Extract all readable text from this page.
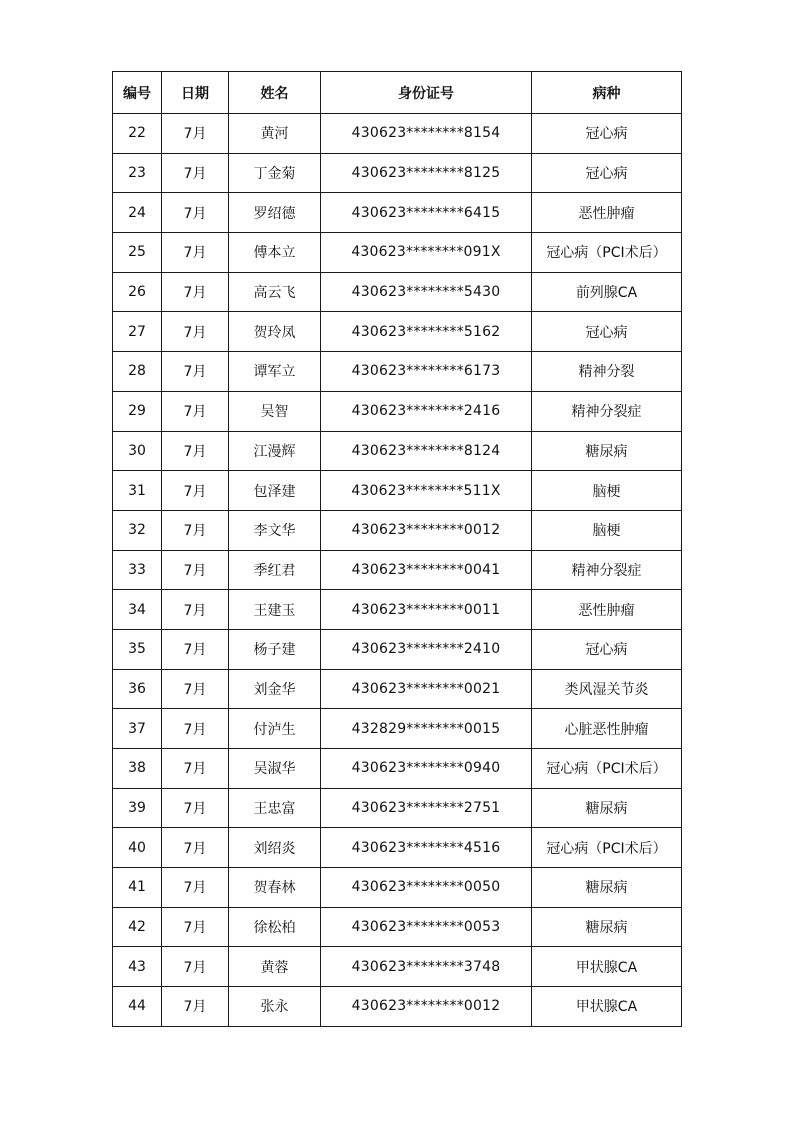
编号	日期	姓名	身份证号	病种
22	7月	黄河	430623********8154	冠心病
23	7月	丁金菊	430623********8125	冠心病
24	7月	罗绍德	430623********6415	恶性肿瘤
25	7月	傅本立	430623********091X	冠心病（PCI术后）
26	7月	高云飞	430623********5430	前列腺CA
27	7月	贺玲凤	430623********5162	冠心病
28	7月	谭军立	430623********6173	精神分裂
29	7月	吴智	430623********2416	精神分裂症
30	7月	江漫辉	430623********8124	糖尿病
31	7月	包泽建	430623********511X	脑梗
32	7月	李文华	430623********0012	脑梗
33	7月	季红君	430623********0041	精神分裂症
34	7月	王建玉	430623********0011	恶性肿瘤
35	7月	杨子建	430623********2410	冠心病
36	7月	刘金华	430623********0021	类风湿关节炎
37	7月	付泸生	432829********0015	心脏恶性肿瘤
38	7月	吴淑华	430623********0940	冠心病（PCI术后）
39	7月	王忠富	430623********2751	糖尿病
40	7月	刘绍炎	430623********4516	冠心病（PCI术后）
41	7月	贺春林	430623********0050	糖尿病
42	7月	徐松柏	430623********0053	糖尿病
43	7月	黄蓉	430623********3748	甲状腺CA
44	7月	张永	430623********0012	甲状腺CA
